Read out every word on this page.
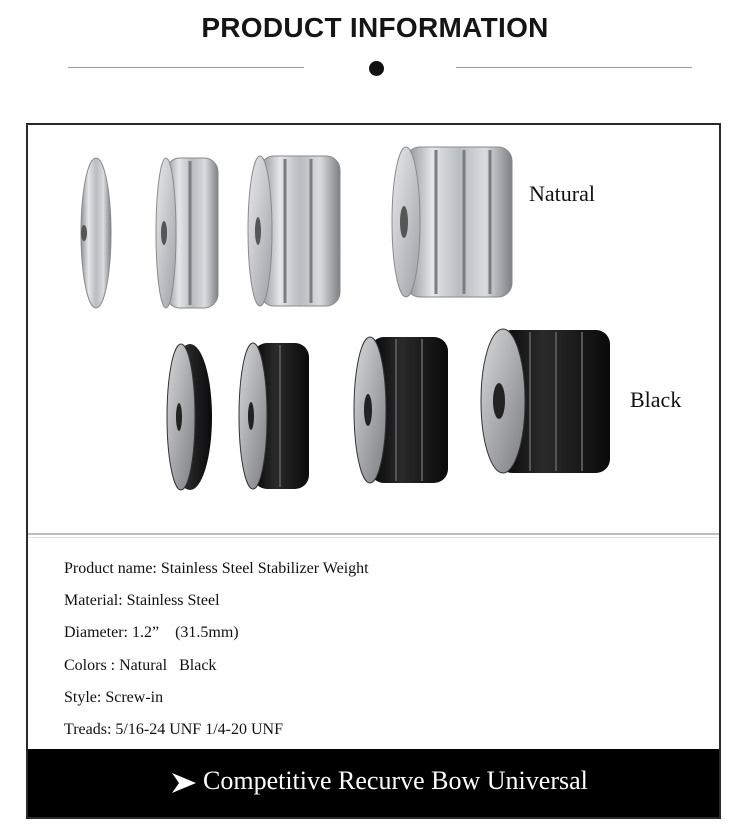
PRODUCT INFORMATION
Natural
Black
Product name: Stainless Steel Stabilizer Weight
Material: Stainless Steel
Diameter: 1.2”    (31.5mm)
Colors : Natural   Black
Style: Screw-in
Treads: 5/16-24 UNF 1/4-20 UNF
Competitive Recurve Bow Universal
